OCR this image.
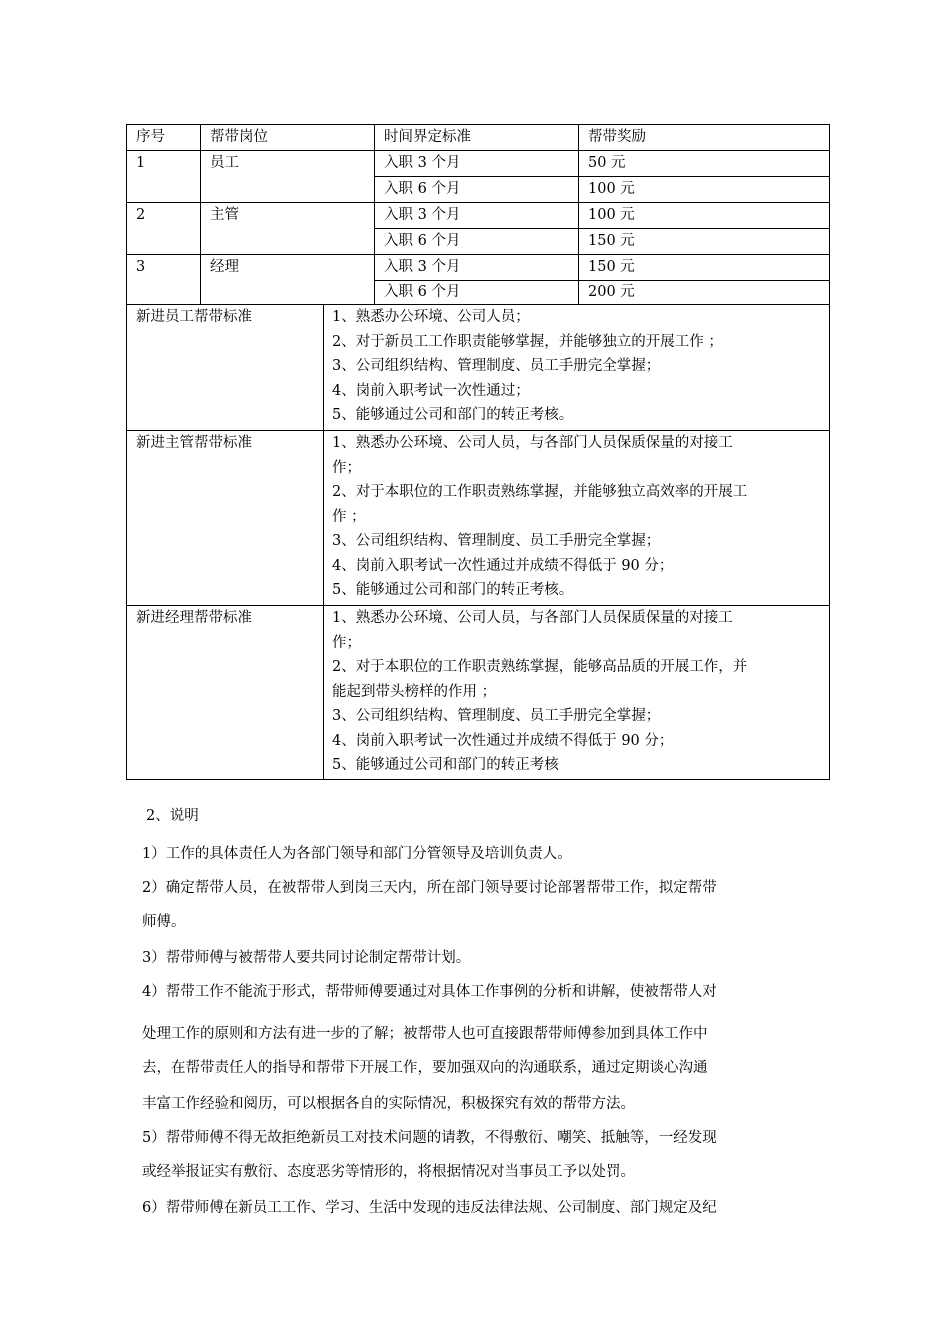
序号	帮带岗位	时间界定标准	帮带奖励
1	员工	入职 3 个月	50 元
入职 6 个月	100 元
2	主管	入职 3 个月	100 元
入职 6 个月	150 元
3	经理	入职 3 个月	150 元
入职 6 个月	200 元
新进员工帮带标准	1、熟悉办公环境、公司人员；
2、对于新员工工作职责能够掌握，并能够独立的开展工作 ；
3、公司组织结构、管理制度、员工手册完全掌握；
4、岗前入职考试一次性通过；
5、能够通过公司和部门的转正考核。
新进主管帮带标准	1、熟悉办公环境、公司人员，与各部门人员保质保量的对接工
作；
2、对于本职位的工作职责熟练掌握，并能够独立高效率的开展工
作 ；
3、公司组织结构、管理制度、员工手册完全掌握；
4、岗前入职考试一次性通过并成绩不得低于 90 分；
5、能够通过公司和部门的转正考核。
新进经理帮带标准	1、熟悉办公环境、公司人员，与各部门人员保质保量的对接工
作；
2、对于本职位的工作职责熟练掌握，能够高品质的开展工作，并
能起到带头榜样的作用 ；
3、公司组织结构、管理制度、员工手册完全掌握；
4、岗前入职考试一次性通过并成绩不得低于 90 分；
5、能够通过公司和部门的转正考核
2、说明
1）工作的具体责任人为各部门领导和部门分管领导及培训负责人。
2）确定帮带人员，在被帮带人到岗三天内，所在部门领导要讨论部署帮带工作，拟定帮带
师傅。
3）帮带师傅与被帮带人要共同讨论制定帮带计划。
4）帮带工作不能流于形式，帮带师傅要通过对具体工作事例的分析和讲解，使被帮带人对
处理工作的原则和方法有进一步的了解；被帮带人也可直接跟帮带师傅参加到具体工作中
去，在帮带责任人的指导和帮带下开展工作，要加强双向的沟通联系，通过定期谈心沟通
丰富工作经验和阅历，可以根据各自的实际情况，积极探究有效的帮带方法。
5）帮带师傅不得无故拒绝新员工对技术问题的请教，不得敷衍、嘲笑、抵触等，一经发现
或经举报证实有敷衍、态度恶劣等情形的，将根据情况对当事员工予以处罚。
6）帮带师傅在新员工工作、学习、生活中发现的违反法律法规、公司制度、部门规定及纪
